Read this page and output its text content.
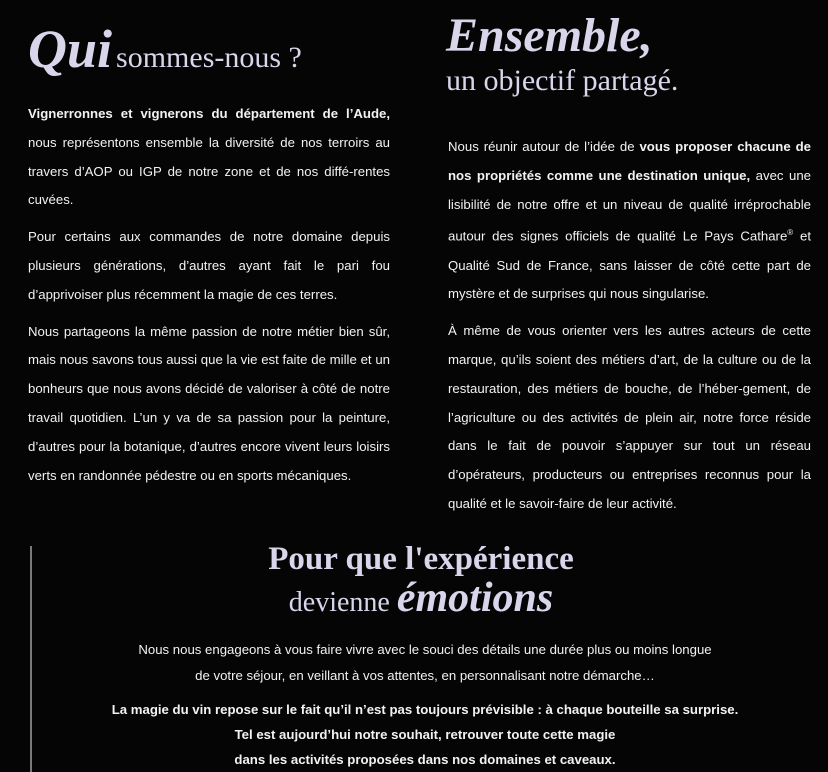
Qui sommes-nous ?	Ensemble,
un objectif partagé.

Vignerronnes et vignerons du département de l’Aude, nous représentons ensemble la diversité de nos terroirs au travers d’AOP ou IGP de notre zone et de nos diffé-rentes cuvées.

Pour certains aux commandes de notre domaine depuis plusieurs générations, d’autres ayant fait le pari fou d’apprivoiser plus récemment la magie de ces terres.

Nous partageons la même passion de notre métier bien sûr, mais nous savons tous aussi que la vie est faite de mille et un bonheurs que nous avons décidé de valoriser à côté de notre travail quotidien. L’un y va de sa passion pour la peinture, d’autres pour la botanique, d’autres encore vivent leurs loisirs verts en randonnée pédestre ou en sports mécaniques.

Nous réunir autour de l’idée de vous proposer chacune de nos propriétés comme une destination unique, avec une lisibilité de notre offre et un niveau de qualité irréprochable autour des signes officiels de qualité Le Pays Cathare® et Qualité Sud de France, sans laisser de côté cette part de mystère et de surprises qui nous singularise.

À même de vous orienter vers les autres acteurs de cette marque, qu’ils soient des métiers d’art, de la culture ou de la restauration, des métiers de bouche, de l’héber-gement, de l’agriculture ou des activités de plein air, notre force réside dans le fait de pouvoir s’appuyer sur tout un réseau d’opérateurs, producteurs ou entreprises reconnus pour la qualité et le savoir-faire de leur activité.

Pour que l'expérience
devienne émotions

Nous nous engageons à vous faire vivre avec le souci des détails une durée plus ou moins longue

de votre séjour, en veillant à vos attentes, en personnalisant notre démarche…

La magie du vin repose sur le fait qu’il n’est pas toujours prévisible : à chaque bouteille sa surprise.

Tel est aujourd’hui notre souhait, retrouver toute cette magie

dans les activités proposées dans nos domaines et caveaux.
